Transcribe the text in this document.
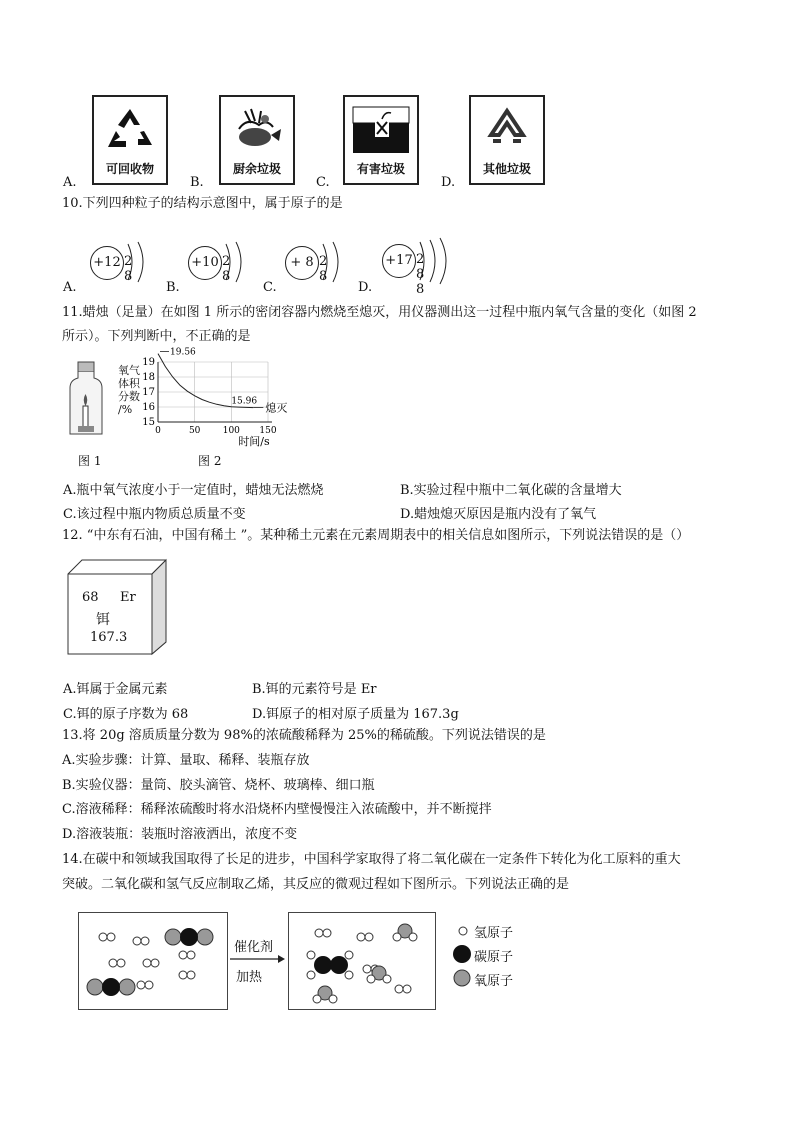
A.
可回收物
B.
厨余垃圾
C.
有害垃圾
D.
其他垃圾
10.下列四种粒子的结构示意图中，属于原子的是
A.
+12 2 8
B.
+10 2 8
C.
+ 8 2 8
D.
+17 2 8 8
11.蜡烛（足量）在如图 1 所示的密闭容器内燃烧至熄灭，用仪器测出这一过程中瓶内氧气含量的变化（如图 2
所示）。下列判断中，不正确的是
图 1
氧气
体积
分数
/%
15
16
17
18
19
0	50 100 150
19.56
15.96 熄灭
时间/s
图 2
A.瓶中氧气浓度小于一定值时，蜡烛无法燃烧	B.实验过程中瓶中二氧化碳的含量增大
C.该过程中瓶内物质总质量不变	D.蜡烛熄灭原因是瓶内没有了氧气
12. “中东有石油，中国有稀土 ”。某种稀土元素在元素周期表中的相关信息如图所示，下列说法错误的是（）
68 Er
铒
167.3
A.铒属于金属元素	B.铒的元素符号是 Er
C.铒的原子序数为 68	D.铒原子的相对原子质量为 167.3g
13.将 20g 溶质质量分数为 98%的浓硫酸稀释为 25%的稀硫酸。下列说法错误的是
A.实验步骤：计算、量取、稀释、装瓶存放
B.实验仪器：量筒、胶头滴管、烧杯、玻璃棒、细口瓶
C.溶液稀释：稀释浓硫酸时将水沿烧杯内壁慢慢注入浓硫酸中，并不断搅拌
D.溶液装瓶：装瓶时溶液洒出，浓度不变
14.在碳中和领域我国取得了长足的进步，中国科学家取得了将二氧化碳在一定条件下转化为化工原料的重大
突破。二氧化碳和氢气反应制取乙烯，其反应的微观过程如下图所示。下列说法正确的是
催化剂
加热
氢原子
碳原子
氧原子
